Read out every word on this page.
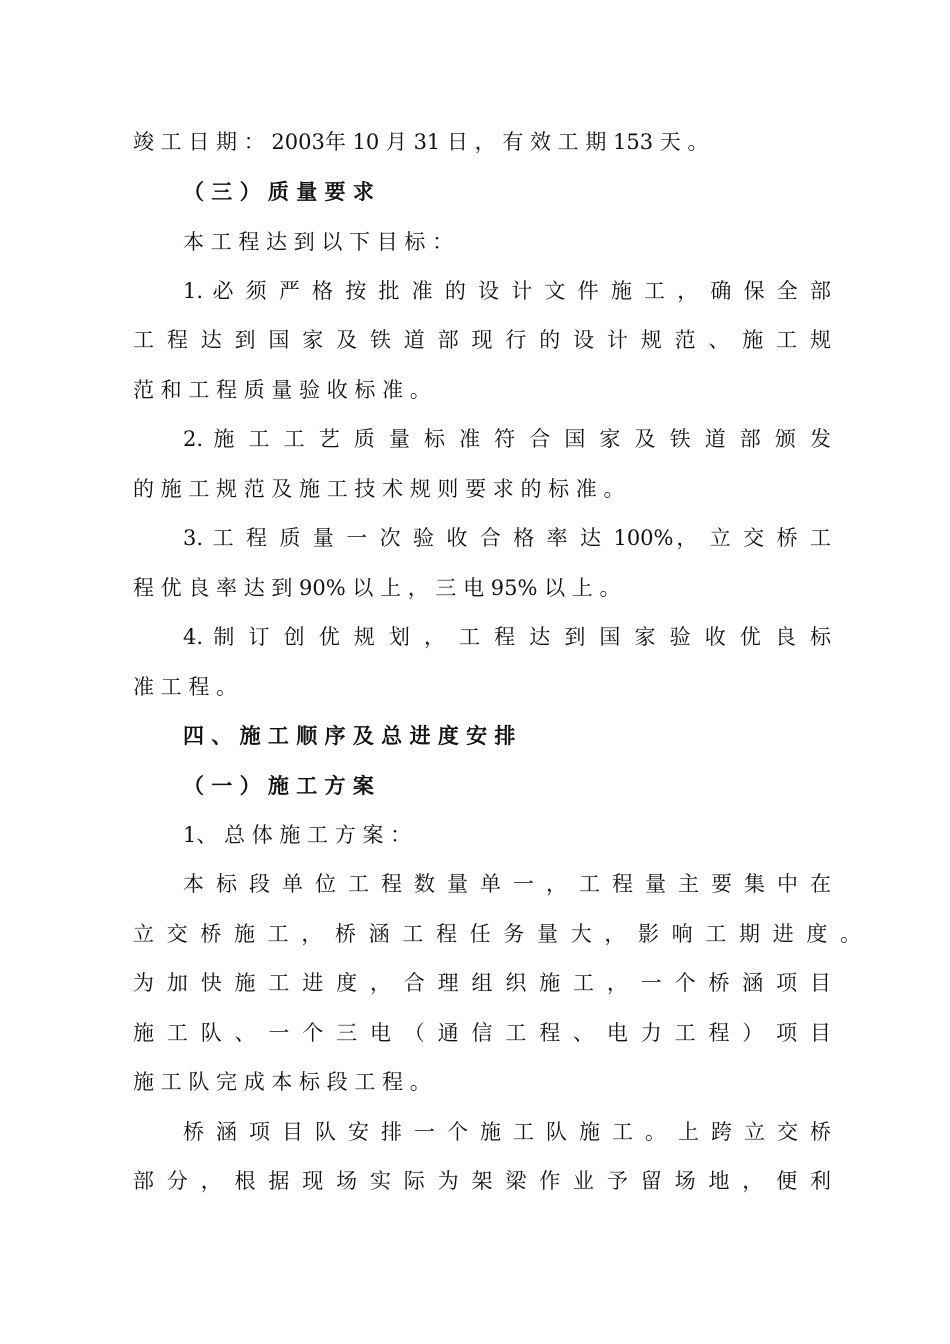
竣 工 日 期 ： 2003年 10 月 31 日 ， 有 效 工 期 153 天 。
（ 三 ） 质 量 要 求
本 工 程 达 到 以 下 目 标 ：
1. 必 须 严 格 按 批 准 的 设 计 文 件 施 工 ， 确 保 全 部
工 程 达 到 国 家 及 铁 道 部 现 行 的 设 计 规 范 、 施 工 规
范 和 工 程 质 量 验 收 标 准 。
2. 施 工 工 艺 质 量 标 准 符 合 国 家 及 铁 道 部 颁 发
的 施 工 规 范 及 施 工 技 术 规 则 要 求 的 标 准 。
3. 工 程 质 量 一 次 验 收 合 格 率 达 100%， 立 交 桥 工
程 优 良 率 达 到 90% 以 上 ， 三 电 95% 以 上 。
4. 制 订 创 优 规 划 ， 工 程 达 到 国 家 验 收 优 良 标
准 工 程 。
四 、 施 工 顺 序 及 总 进 度 安 排
（ 一 ） 施 工 方 案
1、 总 体 施 工 方 案 ：
本 标 段 单 位 工 程 数 量 单 一 ， 工 程 量 主 要 集 中 在
立 交 桥 施 工 ， 桥 涵 工 程 任 务 量 大 ， 影 响 工 期 进 度 。
为 加 快 施 工 进 度 ， 合 理 组 织 施 工 ， 一 个 桥 涵 项 目
施 工 队 、 一 个 三 电 （ 通 信 工 程 、 电 力 工 程 ） 项 目
施 工 队 完 成 本 标 段 工 程 。
桥 涵 项 目 队 安 排 一 个 施 工 队 施 工 。 上 跨 立 交 桥
部 分 ， 根 据 现 场 实 际 为 架 梁 作 业 予 留 场 地 ， 便 利
